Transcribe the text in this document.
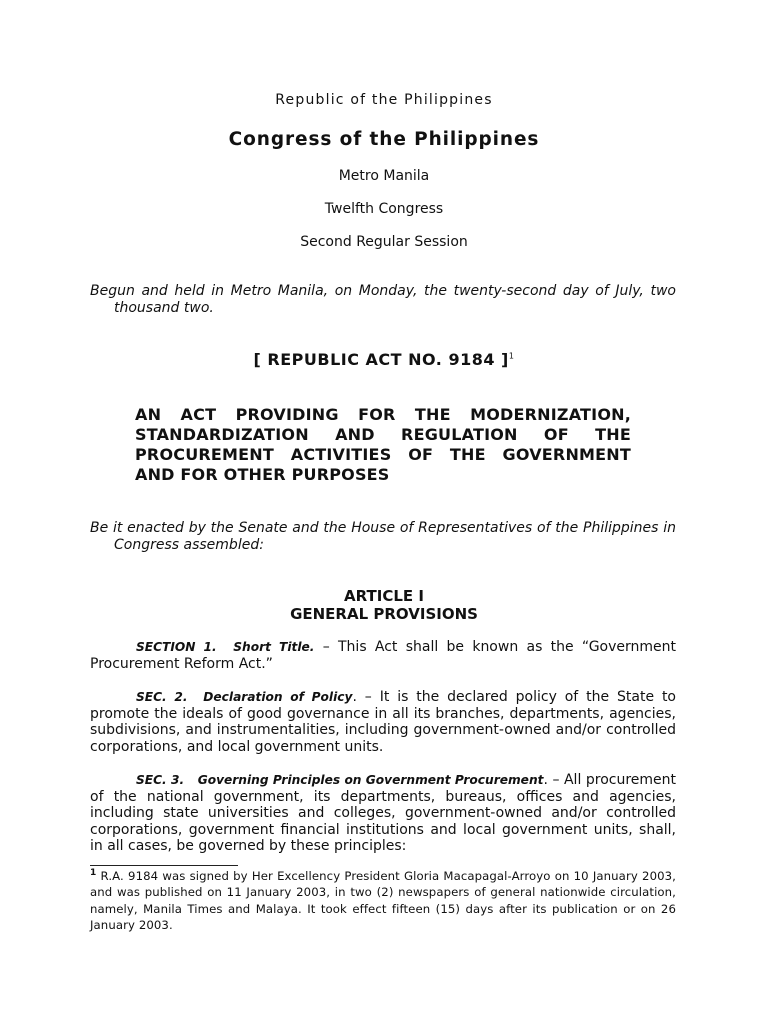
Republic of the Philippines

Congress of the Philippines

Metro Manila

Twelfth Congress

Second Regular Session

Begun and held in Metro Manila, on Monday, the twenty-second day of July, two thousand two.

[ REPUBLIC ACT NO. 9184 ]$^1$

AN ACT PROVIDING FOR THE MODERNIZATION, STANDARDIZATION AND REGULATION OF THE PROCUREMENT ACTIVITIES OF THE GOVERNMENT AND FOR OTHER PURPOSES

Be it enacted by the Senate and the House of Representatives of the Philippines in Congress assembled:

ARTICLE I
GENERAL PROVISIONS

SECTION 1. Short Title. – This Act shall be known as the “Government Procurement Reform Act.”

SEC. 2. Declaration of Policy. – It is the declared policy of the State to promote the ideals of good governance in all its branches, departments, agencies, subdivisions, and instrumentalities, including government-owned and/or controlled corporations, and local government units.

SEC. 3. Governing Principles on Government Procurement. – All procurement of the national government, its departments, bureaus, offices and agencies, including state universities and colleges, government-owned and/or controlled corporations, government financial institutions and local government units, shall, in all cases, be governed by these principles:

$^1$ R.A. 9184 was signed by Her Excellency President Gloria Macapagal-Arroyo on 10 January 2003, and was published on 11 January 2003, in two (2) newspapers of general nationwide circulation, namely, Manila Times and Malaya. It took effect fifteen (15) days after its publication or on 26 January 2003.
